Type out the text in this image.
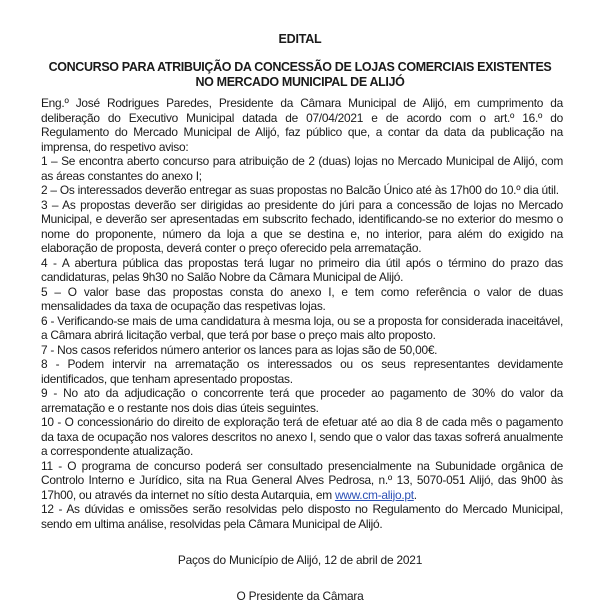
EDITAL
CONCURSO PARA ATRIBUIÇÃO DA CONCESSÃO DE LOJAS COMERCIAIS EXISTENTES NO MERCADO MUNICIPAL DE ALIJÓ

Eng.º José Rodrigues Paredes, Presidente da Câmara Municipal de Alijó, em cumprimento da deliberação do Executivo Municipal datada de 07/04/2021 e de acordo com o art.º 16.º do Regulamento do Mercado Municipal de Alijó, faz público que, a contar da data da publicação na imprensa, do respetivo aviso:

1 – Se encontra aberto concurso para atribuição de 2 (duas) lojas no Mercado Municipal de Alijó, com as áreas constantes do anexo I;

2 – Os interessados deverão entregar as suas propostas no Balcão Único até às 17h00 do 10.º dia útil.

3 – As propostas deverão ser dirigidas ao presidente do júri para a concessão de lojas no Mercado Municipal, e deverão ser apresentadas em subscrito fechado, identificando-se no exterior do mesmo o nome do proponente, número da loja a que se destina e, no interior, para além do exigido na elaboração de proposta, deverá conter o preço oferecido pela arrematação.

4 - A abertura pública das propostas terá lugar no primeiro dia útil após o término do prazo das candidaturas, pelas 9h30 no Salão Nobre da Câmara Municipal de Alijó.

5 – O valor base das propostas consta do anexo I, e tem como referência o valor de duas mensalidades da taxa de ocupação das respetivas lojas.

6 - Verificando-se mais de uma candidatura à mesma loja, ou se a proposta for considerada inaceitável, a Câmara abrirá licitação verbal, que terá por base o preço mais alto proposto.

7 - Nos casos referidos número anterior os lances para as lojas são de 50,00€.

8 - Podem intervir na arrematação os interessados ou os seus representantes devidamente identificados, que tenham apresentado propostas.

9 - No ato da adjudicação o concorrente terá que proceder ao pagamento de 30% do valor da arrematação e o restante nos dois dias úteis seguintes.

10 - O concessionário do direito de exploração terá de efetuar até ao dia 8 de cada mês o pagamento da taxa de ocupação nos valores descritos no anexo I, sendo que o valor das taxas sofrerá anualmente a correspondente atualização.

11 - O programa de concurso poderá ser consultado presencialmente na Subunidade orgânica de Controlo Interno e Jurídico, sita na Rua General Alves Pedrosa, n.º 13, 5070-051 Alijó, das 9h00 às 17h00, ou através da internet no sítio desta Autarquia, em www.cm-alijo.pt.

12 - As dúvidas e omissões serão resolvidas pelo disposto no Regulamento do Mercado Municipal, sendo em ultima análise, resolvidas pela Câmara Municipal de Alijó.

Paços do Município de Alijó, 12 de abril de 2021
O Presidente da Câmara
